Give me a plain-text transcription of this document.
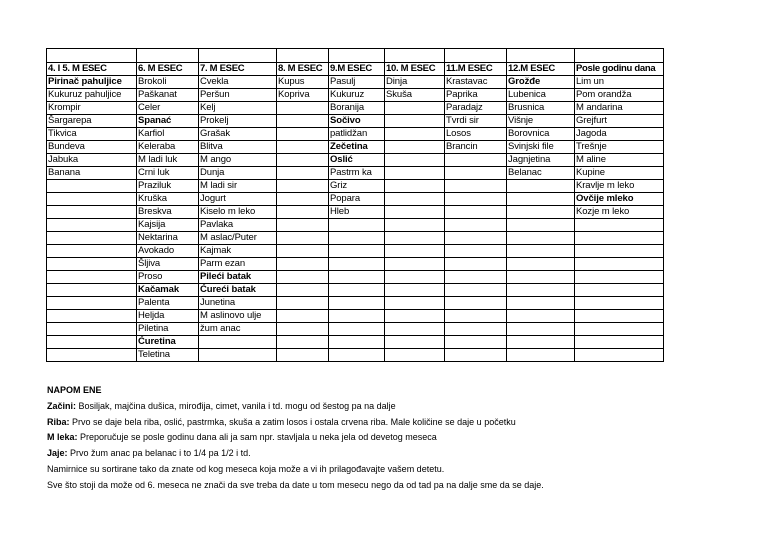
4. I 5. M ESEC	6. M ESEC	7. M ESEC	8. M ESEC	9.M ESEC	10. M ESEC	11.M ESEC	12.M ESEC	Posle godinu dana
Pirinač pahuljice	Brokoli	Cvekla	Kupus	Pasulj	Dinja	Krastavac	Grožđe	Lim un
Kukuruz pahuljice	Paškanat	Peršun	Kopriva	Kukuruz	Skuša	Paprika	Lubenica	Pom orandža
Krompir	Celer	Kelj		Boranija		Paradajz	Brusnica	M andarina
Šargarepa	Spanać	Prokelj		Sočivo		Tvrdi sir	Višnje	Grejfurt
Tikvica	Karfiol	Grašak		patlidžan		Losos	Borovnica	Jagoda
Bundeva	Keleraba	Blitva		Zečetina		Brancin	Svinjski file	Trešnje
Jabuka	M ladi luk	M ango		Oslić			Jagnjetina	M aline
Banana	Crni luk	Dunja		Pastrm ka			Belanac	Kupine
	Praziluk	M ladi sir		Griz				Kravlje m leko
	Kruška	Jogurt		Popara				Ovčije mleko
	Breskva	Kiselo m leko		Hleb				Kozje m leko
	Kajsija	Pavlaka						
	Nektarina	M aslac/Puter						
	Avokado	Kajmak						
	Šljiva	Parm ezan						
	Proso	Pileći batak						
	Kačamak	Ćureći batak						
	Palenta	Junetina						
	Heljda	M aslinovo ulje						
	Piletina	žum anac						
	Ćuretina							
	Teletina							
NAPOM ENE
Začini: Bosiljak, majčina dušica, mirođija, cimet, vanila i td. mogu od šestog pa na dalje
Riba: Prvo se daje bela riba, oslić, pastrmka, skuša a zatim losos i ostala crvena riba. Male količine se daje u početku
M leka: Preporučuje se posle godinu dana ali ja sam npr. stavljala u neka jela od devetog meseca
Jaje: Prvo žum anac pa belanac i to 1/4 pa 1/2 i td.
Namirnice su sortirane tako da znate od kog meseca koja može a vi ih prilagođavajte vašem detetu.
Sve što stoji da može od 6. meseca ne znači da sve treba da date u tom mesecu nego da od tad pa na dalje sme da se daje.
